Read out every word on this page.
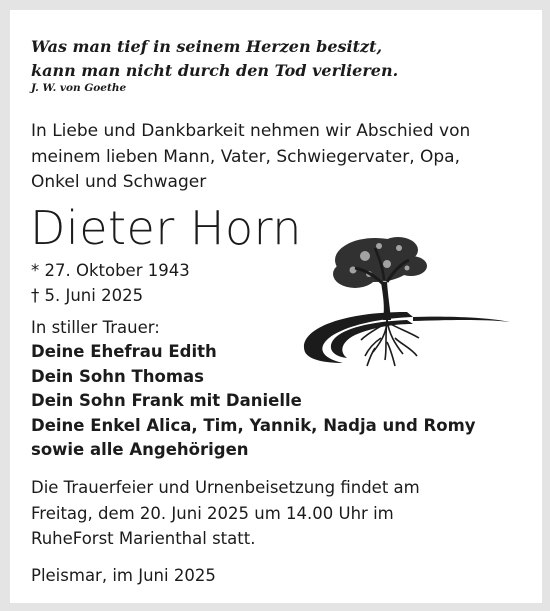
Was man tief in seinem Herzen besitzt,
kann man nicht durch den Tod verlieren.
J. W. von Goethe
In Liebe und Dankbarkeit nehmen wir Abschied von
meinem lieben Mann, Vater, Schwiegervater, Opa,
Onkel und Schwager
Dieter Horn
* 27. Oktober 1943
† 5. Juni 2025
In stiller Trauer:
Deine Ehefrau Edith
Dein Sohn Thomas
Dein Sohn Frank mit Danielle
Deine Enkel Alica, Tim, Yannik, Nadja und Romy
sowie alle Angehörigen
Die Trauerfeier und Urnenbeisetzung findet am
Freitag, dem 20. Juni 2025 um 14.00 Uhr im
RuheForst Marienthal statt.
Pleismar, im Juni 2025
